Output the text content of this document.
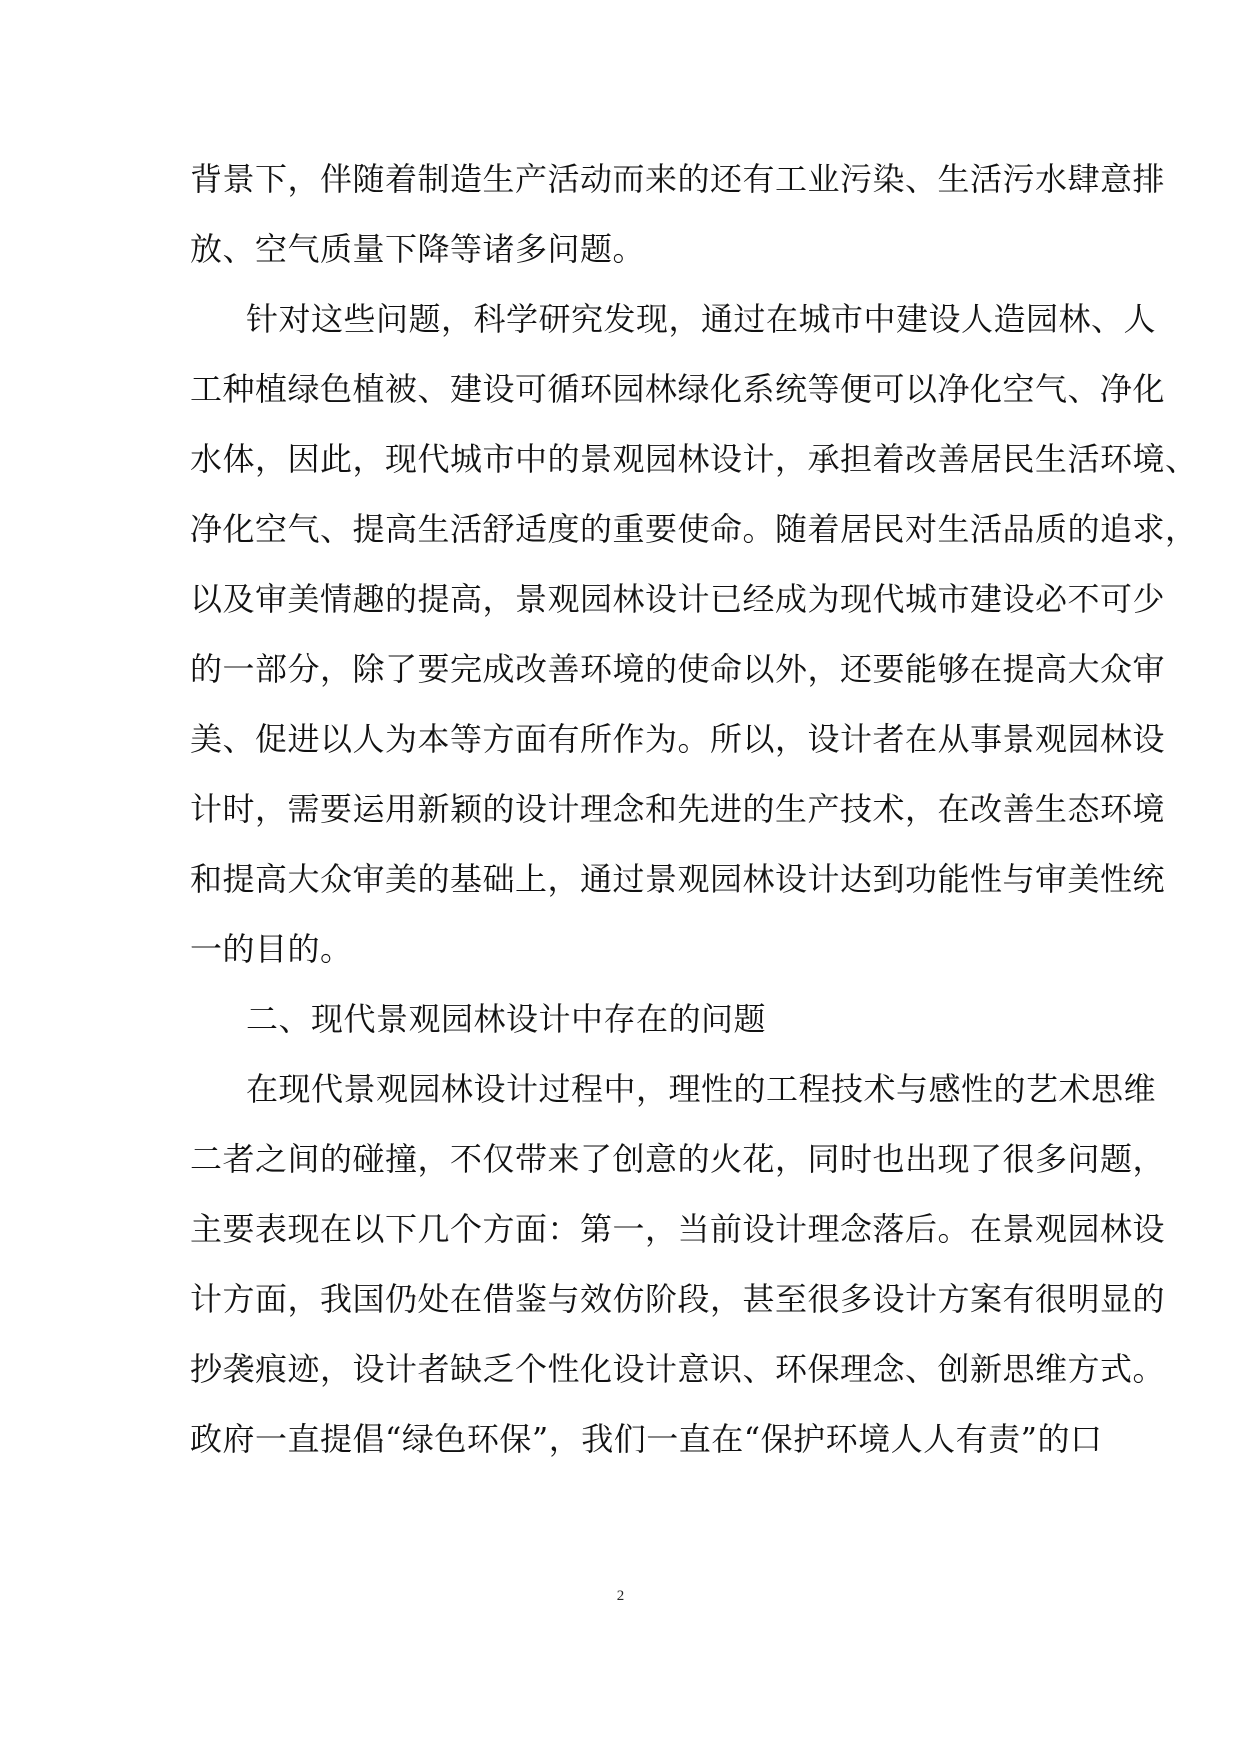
背景下，伴随着制造生产活动而来的还有工业污染、生活污水肆意排
放、空气质量下降等诸多问题。
针对这些问题，科学研究发现，通过在城市中建设人造园林、人
工种植绿色植被、建设可循环园林绿化系统等便可以净化空气、净化
水体，因此，现代城市中的景观园林设计，承担着改善居民生活环境、
净化空气、提高生活舒适度的重要使命。随着居民对生活品质的追求，
以及审美情趣的提高，景观园林设计已经成为现代城市建设必不可少
的一部分，除了要完成改善环境的使命以外，还要能够在提高大众审
美、促进以人为本等方面有所作为。所以，设计者在从事景观园林设
计时，需要运用新颖的设计理念和先进的生产技术，在改善生态环境
和提高大众审美的基础上，通过景观园林设计达到功能性与审美性统
一的目的。
二、现代景观园林设计中存在的问题
在现代景观园林设计过程中，理性的工程技术与感性的艺术思维
二者之间的碰撞，不仅带来了创意的火花，同时也出现了很多问题，
主要表现在以下几个方面：第一，当前设计理念落后。在景观园林设
计方面，我国仍处在借鉴与效仿阶段，甚至很多设计方案有很明显的
抄袭痕迹，设计者缺乏个性化设计意识、环保理念、创新思维方式。
政府一直提倡“绿色环保”，我们一直在“保护环境人人有责”的口
2
